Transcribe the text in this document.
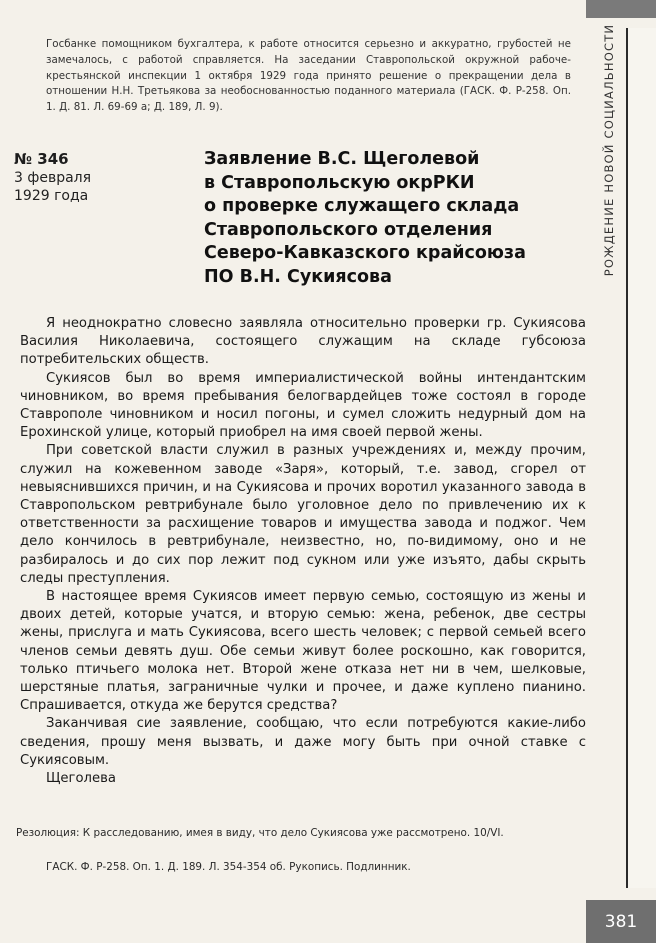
РОЖДЕНИЕ НОВОЙ СОЦИАЛЬНОСТИ
Госбанке помощником бухгалтера, к работе относится серьезно и аккуратно, грубостей не замечалось, с работой справляется. На заседании Ставропольской окружной рабоче-крестьянской инспекции 1 октября 1929 года принято решение о прекращении дела в отношении Н.Н. Третьякова за необоснованностью поданного материала (ГАСК. Ф. Р-258. Оп. 1. Д. 81. Л. 69-69 а; Д. 189, Л. 9).
№ 346
3 февраля
1929 года
Заявление В.С. Щеголевой
в Ставропольскую окрРКИ
о проверке служащего склада
Ставропольского отделения
Северо-Кавказского крайсоюза
ПО В.Н. Сукиясова

Я неоднократно словесно заявляла относительно проверки гр. Сукиясова Василия Николаевича, состоящего служащим на складе губсоюза потребительских обществ.

Сукиясов был во время империалистической войны интендантским чиновником, во время пребывания белогвардейцев тоже состоял в городе Ставрополе чиновником и носил погоны, и сумел сложить недурный дом на Ерохинской улице, который приобрел на имя своей первой жены.

При советской власти служил в разных учреждениях и, между прочим, служил на кожевенном заводе «Заря», который, т.е. завод, сгорел от невыяснившихся причин, и на Сукиясова и прочих воротил указанного завода в Ставропольском ревтрибунале было уголовное дело по привлечению их к ответственности за расхищение товаров и имущества завода и поджог. Чем дело кончилось в ревтрибунале, неизвестно, но, по-видимому, оно и не разбиралось и до сих пор лежит под сукном или уже изъято, дабы скрыть следы преступления.

В настоящее время Сукиясов имеет первую семью, состоящую из жены и двоих детей, которые учатся, и вторую семью: жена, ребенок, две сестры жены, прислуга и мать Сукиясова, всего шесть человек; с первой семьей всего членов семьи девять душ. Обе семьи живут более роскошно, как говорится, только птичьего молока нет. Второй жене отказа нет ни в чем, шелковые, шерстяные платья, заграничные чулки и прочее, и даже куплено пианино. Спрашивается, откуда же берутся средства?

Заканчивая сие заявление, сообщаю, что если потребуются какие-либо сведения, прошу меня вызвать, и даже могу быть при очной ставке с Сукиясовым.

Щеголева
Резолюция: К расследованию, имея в виду, что дело Сукиясова уже рассмотрено. 10/VI.
ГАСК. Ф. Р-258. Оп. 1. Д. 189. Л. 354-354 об. Рукопись. Подлинник.
381
